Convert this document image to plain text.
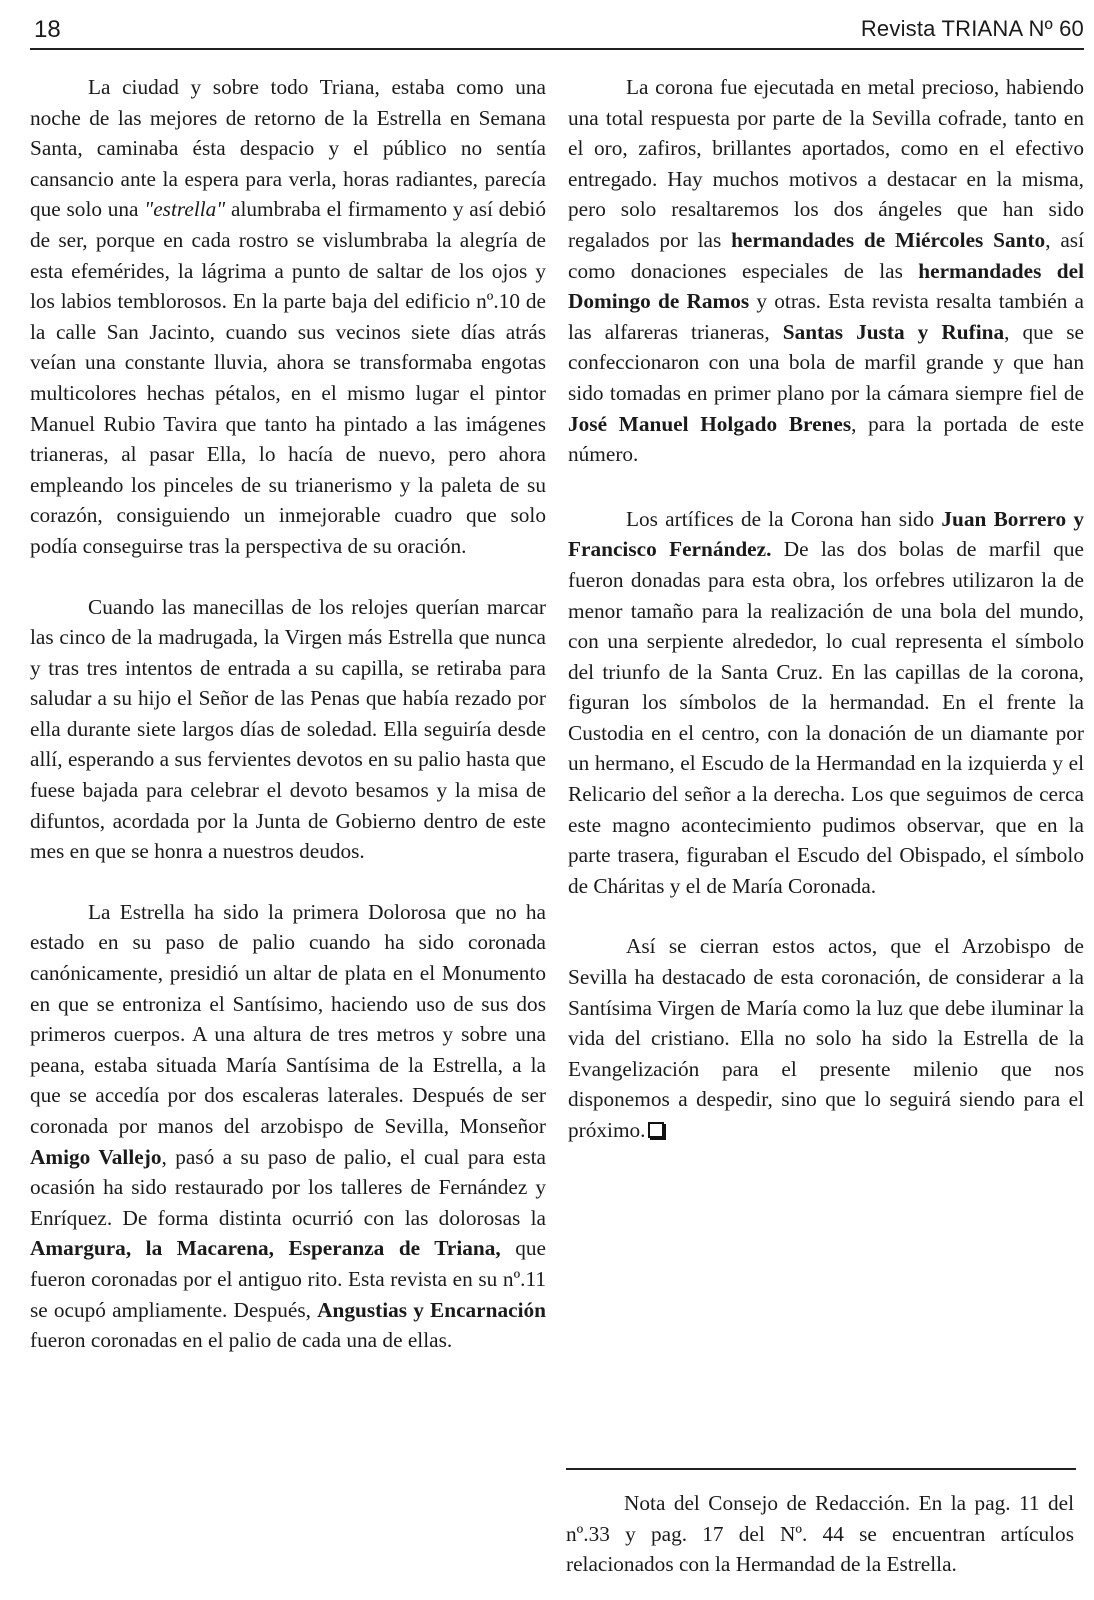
18	Revista TRIANA Nº 60

La ciudad y sobre todo Triana, estaba como una noche de las mejores de retorno de la Estrella en Semana Santa, caminaba ésta despacio y el público no sentía cansancio ante la espera para verla, horas radiantes, parecía que solo una "estrella" alumbraba el firmamento y así debió de ser, porque en cada rostro se vislumbraba la alegría de esta efemérides, la lágrima a punto de saltar de los ojos y los labios temblorosos. En la parte baja del edificio nº.10 de la calle San Jacinto, cuando sus vecinos siete días atrás veían una constante lluvia, ahora se transformaba engotas multicolores hechas pétalos, en el mismo lugar el pintor Manuel Rubio Tavira que tanto ha pintado a las imágenes trianeras, al pasar Ella, lo hacía de nuevo, pero ahora empleando los pinceles de su trianerismo y la paleta de su corazón, consiguiendo un inmejorable cuadro que solo podía conseguirse tras la perspectiva de su oración.

Cuando las manecillas de los relojes querían marcar las cinco de la madrugada, la Virgen más Estrella que nunca y tras tres intentos de entrada a su capilla, se retiraba para saludar a su hijo el Señor de las Penas que había rezado por ella durante siete largos días de soledad. Ella seguiría desde allí, esperando a sus fervientes devotos en su palio hasta que fuese bajada para celebrar el devoto besamos y la misa de difuntos, acordada por la Junta de Gobierno dentro de este mes en que se honra a nuestros deudos.

La Estrella ha sido la primera Dolorosa que no ha estado en su paso de palio cuando ha sido coronada canónicamente, presidió un altar de plata en el Monumento en que se entroniza el Santísimo, haciendo uso de sus dos primeros cuerpos. A una altura de tres metros y sobre una peana, estaba situada María Santísima de la Estrella, a la que se accedía por dos escaleras laterales. Después de ser coronada por manos del arzobispo de Sevilla, Monseñor Amigo Vallejo, pasó a su paso de palio, el cual para esta ocasión ha sido restaurado por los talleres de Fernández y Enríquez. De forma distinta ocurrió con las dolorosas la Amargura, la Macarena, Esperanza de Triana, que fueron coronadas por el antiguo rito. Esta revista en su nº.11 se ocupó ampliamente. Después, Angustias y Encarnación fueron coronadas en el palio de cada una de ellas.

La corona fue ejecutada en metal precioso, habiendo una total respuesta por parte de la Sevilla cofrade, tanto en el oro, zafiros, brillantes aportados, como en el efectivo entregado. Hay muchos motivos a destacar en la misma, pero solo resaltaremos los dos ángeles que han sido regalados por las hermandades de Miércoles Santo, así como donaciones especiales de las hermandades del Domingo de Ramos y otras. Esta revista resalta también a las alfareras trianeras, Santas Justa y Rufina, que se confeccionaron con una bola de marfil grande y que han sido tomadas en primer plano por la cámara siempre fiel de José Manuel Holgado Brenes, para la portada de este número.

Los artífices de la Corona han sido Juan Borrero y Francisco Fernández. De las dos bolas de marfil que fueron donadas para esta obra, los orfebres utilizaron la de menor tamaño para la realización de una bola del mundo, con una serpiente alrededor, lo cual representa el símbolo del triunfo de la Santa Cruz. En las capillas de la corona, figuran los símbolos de la hermandad. En el frente la Custodia en el centro, con la donación de un diamante por un hermano, el Escudo de la Hermandad en la izquierda y el Relicario del señor a la derecha. Los que seguimos de cerca este magno acontecimiento pudimos observar, que en la parte trasera, figuraban el Escudo del Obispado, el símbolo de Cháritas y el de María Coronada.

Así se cierran estos actos, que el Arzobispo de Sevilla ha destacado de esta coronación, de considerar a la Santísima Virgen de María como la luz que debe iluminar la vida del cristiano. Ella no solo ha sido la Estrella de la Evangelización para el presente milenio que nos disponemos a despedir, sino que lo seguirá siendo para el próximo.

Nota del Consejo de Redacción. En la pag. 11 del nº.33 y pag. 17 del Nº. 44 se encuentran artículos relacionados con la Hermandad de la Estrella.
